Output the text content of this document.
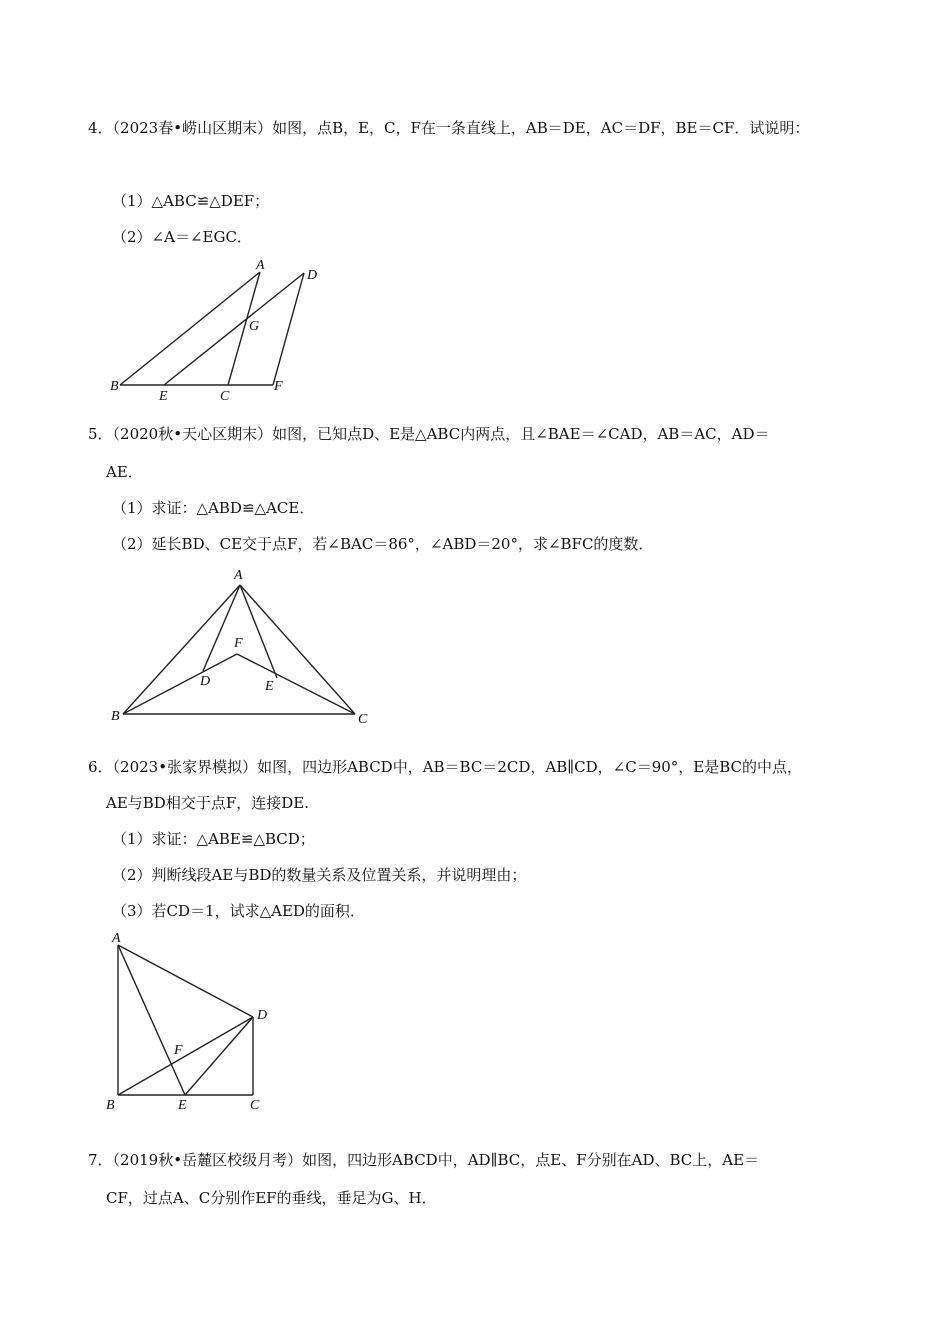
4．（2023春•崂山区期末）如图，点B，E，C，F在一条直线上，AB＝DE，AC＝DF，BE＝CF．试说明：
（1）△ABC≌△DEF；
（2）∠A＝∠EGC．
A
B
C
D
E
F
G
5．（2020秋•天心区期末）如图，已知点D、E是△ABC内两点，且∠BAE＝∠CAD，AB＝AC，AD＝
AE．
（1）求证：△ABD≌△ACE．
（2）延长BD、CE交于点F，若∠BAC＝86°，∠ABD＝20°，求∠BFC的度数．
A
B	C
D	E
F
6．（2023•张家界模拟）如图，四边形ABCD中，AB＝BC＝2CD，AB∥CD，∠C＝90°，E是BC的中点，
AE与BD相交于点F，连接DE.
（1）求证：△ABE≌△BCD；
（2）判断线段AE与BD的数量关系及位置关系，并说明理由；
（3）若CD＝1，试求△AED的面积．
A
B	C
D
E
F
7．（2019秋•岳麓区校级月考）如图，四边形ABCD中，AD∥BC，点E、F分别在AD、BC上，AE＝
CF，过点A、C分别作EF的垂线，垂足为G、H．
